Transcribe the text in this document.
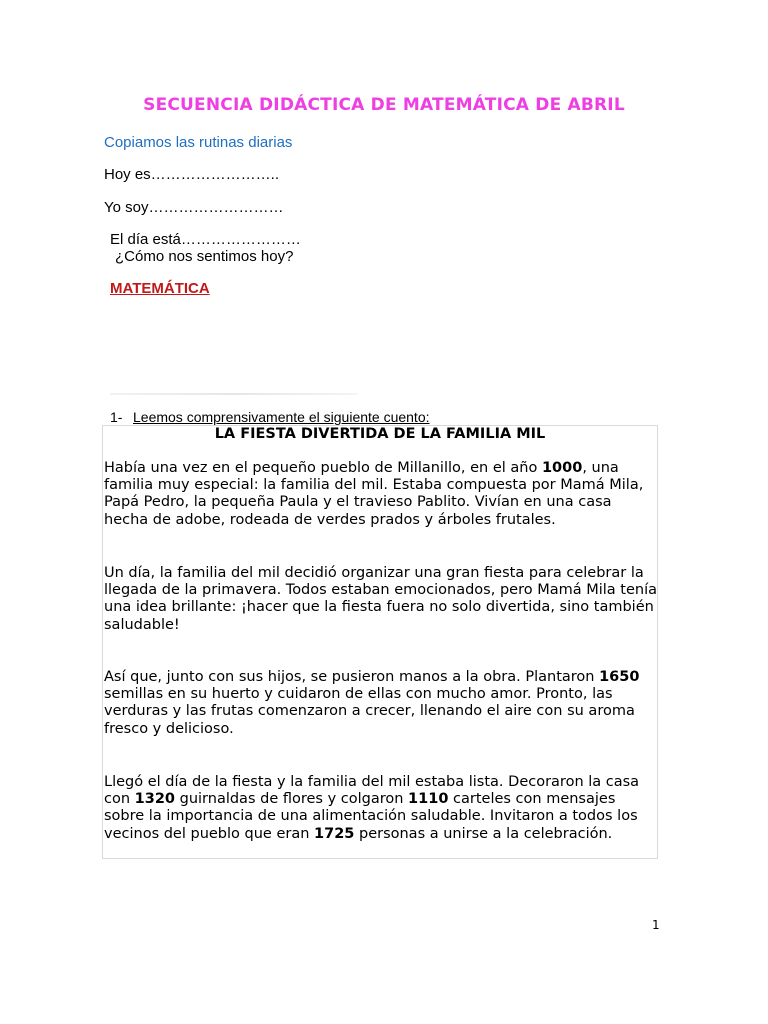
SECUENCIA DIDÁCTICA DE MATEMÁTICA DE ABRIL
Copiamos las rutinas diarias
Hoy es……………………..
Yo soy………………………
El día está……………………
¿Cómo nos sentimos hoy?
MATEMÁTICA
1- Leemos comprensivamente el siguiente cuento:
LA FIESTA DIVERTIDA DE LA FAMILIA MIL

Había una vez en el pequeño pueblo de Millanillo, en el año 1000, una familia muy especial: la familia del mil. Estaba compuesta por Mamá Mila, Papá Pedro, la pequeña Paula y el travieso Pablito. Vivían en una casa hecha de adobe, rodeada de verdes prados y árboles frutales.

Un día, la familia del mil decidió organizar una gran fiesta para celebrar la llegada de la primavera. Todos estaban emocionados, pero Mamá Mila tenía una idea brillante: ¡hacer que la fiesta fuera no solo divertida, sino también saludable!

Así que, junto con sus hijos, se pusieron manos a la obra. Plantaron 1650 semillas en su huerto y cuidaron de ellas con mucho amor. Pronto, las verduras y las frutas comenzaron a crecer, llenando el aire con su aroma fresco y delicioso.

Llegó el día de la fiesta y la familia del mil estaba lista. Decoraron la casa con 1320 guirnaldas de flores y colgaron 1110 carteles con mensajes sobre la importancia de una alimentación saludable. Invitaron a todos los vecinos del pueblo que eran 1725 personas a unirse a la celebración.

1
